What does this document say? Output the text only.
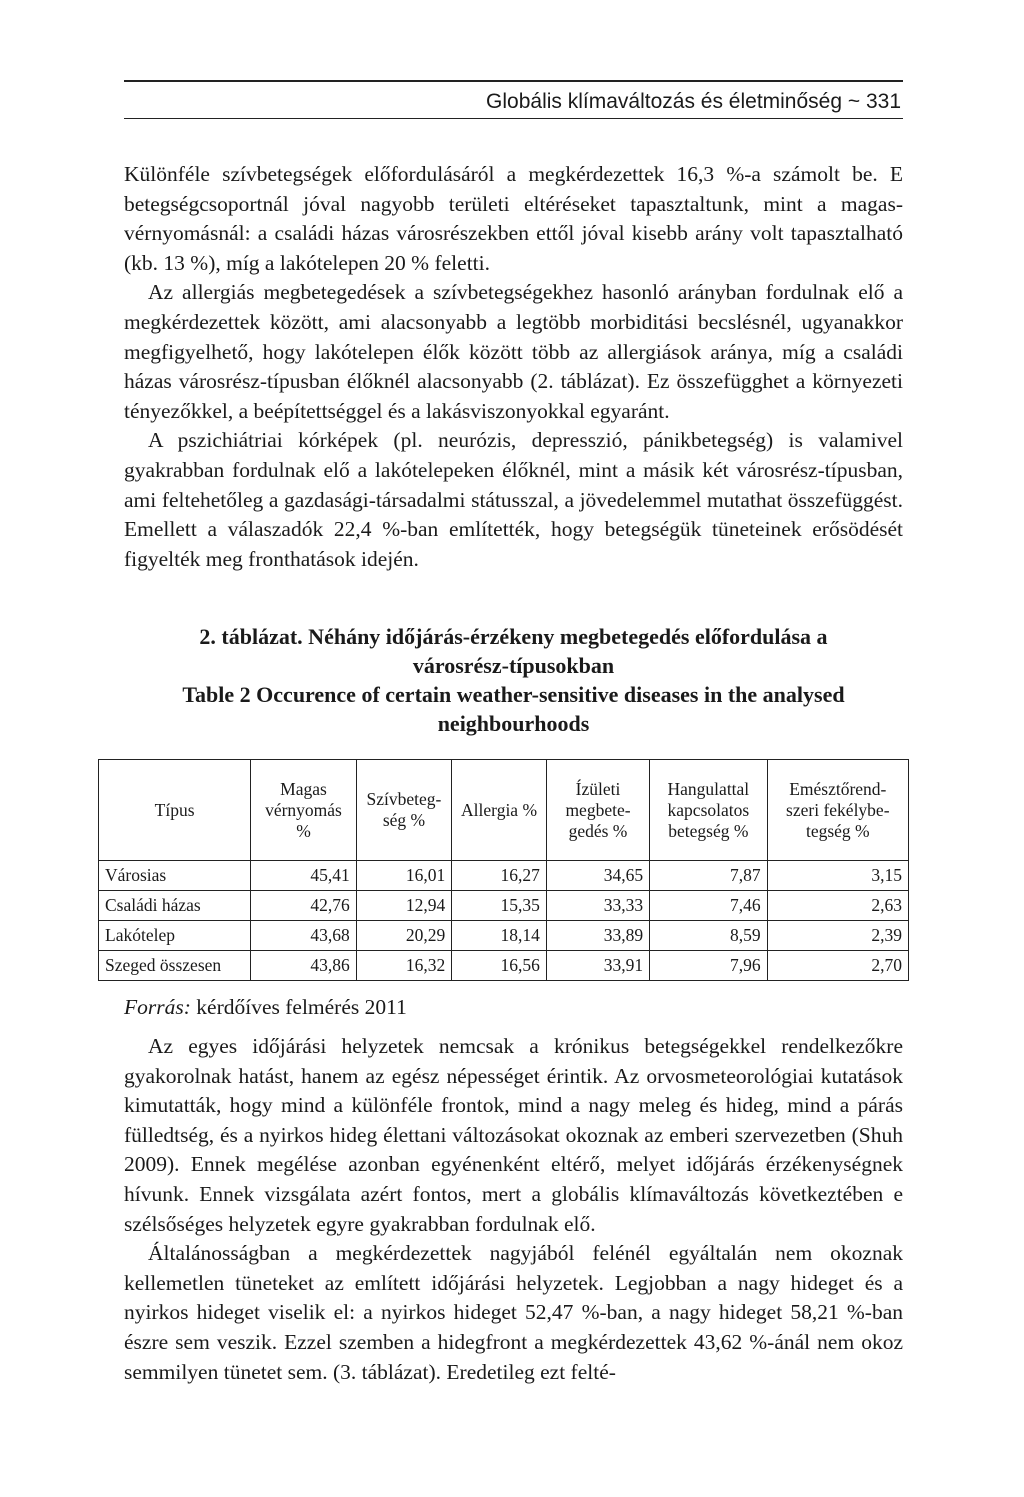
Globális klímaváltozás és életminőség ~ 331

Különféle szívbetegségek előfordulásáról a megkérdezettek 16,3 %-a számolt be. E betegségcsoportnál jóval nagyobb területi eltéréseket tapasztaltunk, mint a magas-vérnyomásnál: a családi házas városrészekben ettől jóval kisebb arány volt tapasztalható (kb. 13 %), míg a lakótelepen 20 % feletti.

Az allergiás megbetegedések a szívbetegségekhez hasonló arányban fordulnak elő a megkérdezettek között, ami alacsonyabb a legtöbb morbiditási becslésnél, ugyanakkor megfigyelhető, hogy lakótelepen élők között több az allergiások aránya, míg a családi házas városrész-típusban élőknél alacsonyabb (2. táblázat). Ez összefügghet a környezeti tényezőkkel, a beépítettséggel és a lakásviszonyokkal egyaránt.

A pszichiátriai kórképek (pl. neurózis, depresszió, pánikbetegség) is valamivel gyakrabban fordulnak elő a lakótelepeken élőknél, mint a másik két városrész-típusban, ami feltehetőleg a gazdasági-társadalmi státusszal, a jövedelemmel mutathat összefüggést. Emellett a válaszadók 22,4 %-ban említették, hogy betegségük tüneteinek erősödését figyelték meg fronthatások idején.

2. táblázat. Néhány időjárás-érzékeny megbetegedés előfordulása a
városrész-típusokban
Table 2 Occurence of certain weather-sensitive diseases in the analysed
neighbourhoods
Típus	Magas vérnyomás %	Szívbeteg-ség %	Allergia %	Ízületi megbete-gedés %	Hangulattal kapcsolatos betegség %	Emésztőrend-szeri fekélybe-tegség %
Városias	45,41	16,01	16,27	34,65	7,87	3,15
Családi házas	42,76	12,94	15,35	33,33	7,46	2,63
Lakótelep	43,68	20,29	18,14	33,89	8,59	2,39
Szeged összesen	43,86	16,32	16,56	33,91	7,96	2,70
Forrás: kérdőíves felmérés 2011

Az egyes időjárási helyzetek nemcsak a krónikus betegségekkel rendelkezőkre gyakorolnak hatást, hanem az egész népességet érintik. Az orvosmeteorológiai kutatások kimutatták, hogy mind a különféle frontok, mind a nagy meleg és hideg, mind a párás fülledtség, és a nyirkos hideg élettani változásokat okoznak az emberi szervezetben (Shuh 2009). Ennek megélése azonban egyénenként eltérő, melyet időjárás érzékenységnek hívunk. Ennek vizsgálata azért fontos, mert a globális klímaváltozás következtében e szélsőséges helyzetek egyre gyakrabban fordulnak elő.

Általánosságban a megkérdezettek nagyjából felénél egyáltalán nem okoznak kellemetlen tüneteket az említett időjárási helyzetek. Legjobban a nagy hideget és a nyirkos hideget viselik el: a nyirkos hideget 52,47 %-ban, a nagy hideget 58,21 %-ban észre sem veszik. Ezzel szemben a hidegfront a megkérdezettek 43,62 %-ánál nem okoz semmilyen tünetet sem. (3. táblázat). Eredetileg ezt felté-
